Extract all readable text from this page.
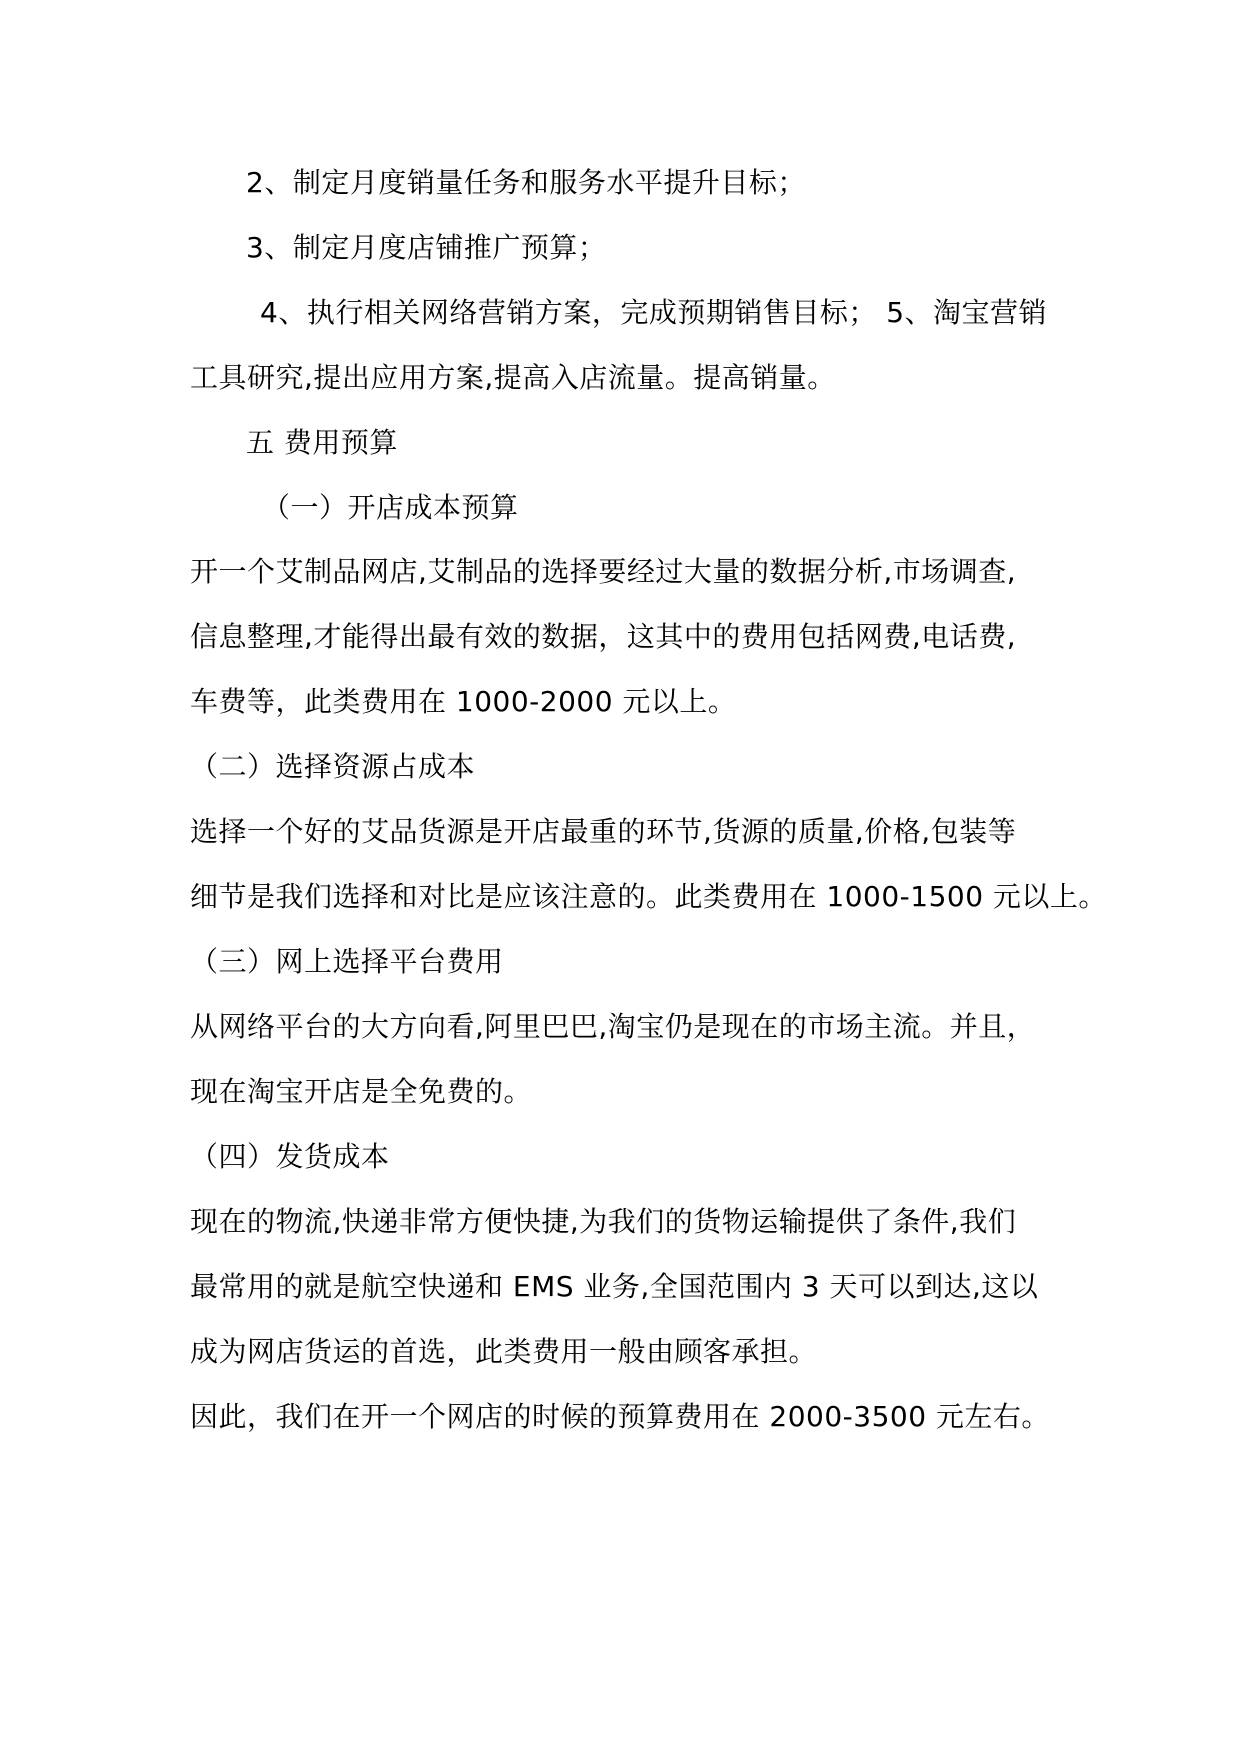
2、制定月度销量任务和服务水平提升目标；
3、制定月度店铺推广预算；
4、执行相关网络营销方案，完成预期销售目标； 5、淘宝营销
工具研究,提出应用方案,提高入店流量。提高销量。
五 费用预算
（一）开店成本预算
开一个艾制品网店,艾制品的选择要经过大量的数据分析,市场调查,
信息整理,才能得出最有效的数据，这其中的费用包括网费,电话费,
车费等，此类费用在 1000-2000 元以上。
（二）选择资源占成本
选择一个好的艾品货源是开店最重的环节,货源的质量,价格,包装等
细节是我们选择和对比是应该注意的。此类费用在 1000-1500 元以上。
（三）网上选择平台费用
从网络平台的大方向看,阿里巴巴,淘宝仍是现在的市场主流。并且，
现在淘宝开店是全免费的。
（四）发货成本
现在的物流,快递非常方便快捷,为我们的货物运输提供了条件,我们
最常用的就是航空快递和 EMS 业务,全国范围内 3 天可以到达,这以
成为网店货运的首选，此类费用一般由顾客承担。
因此，我们在开一个网店的时候的预算费用在 2000-3500 元左右。
